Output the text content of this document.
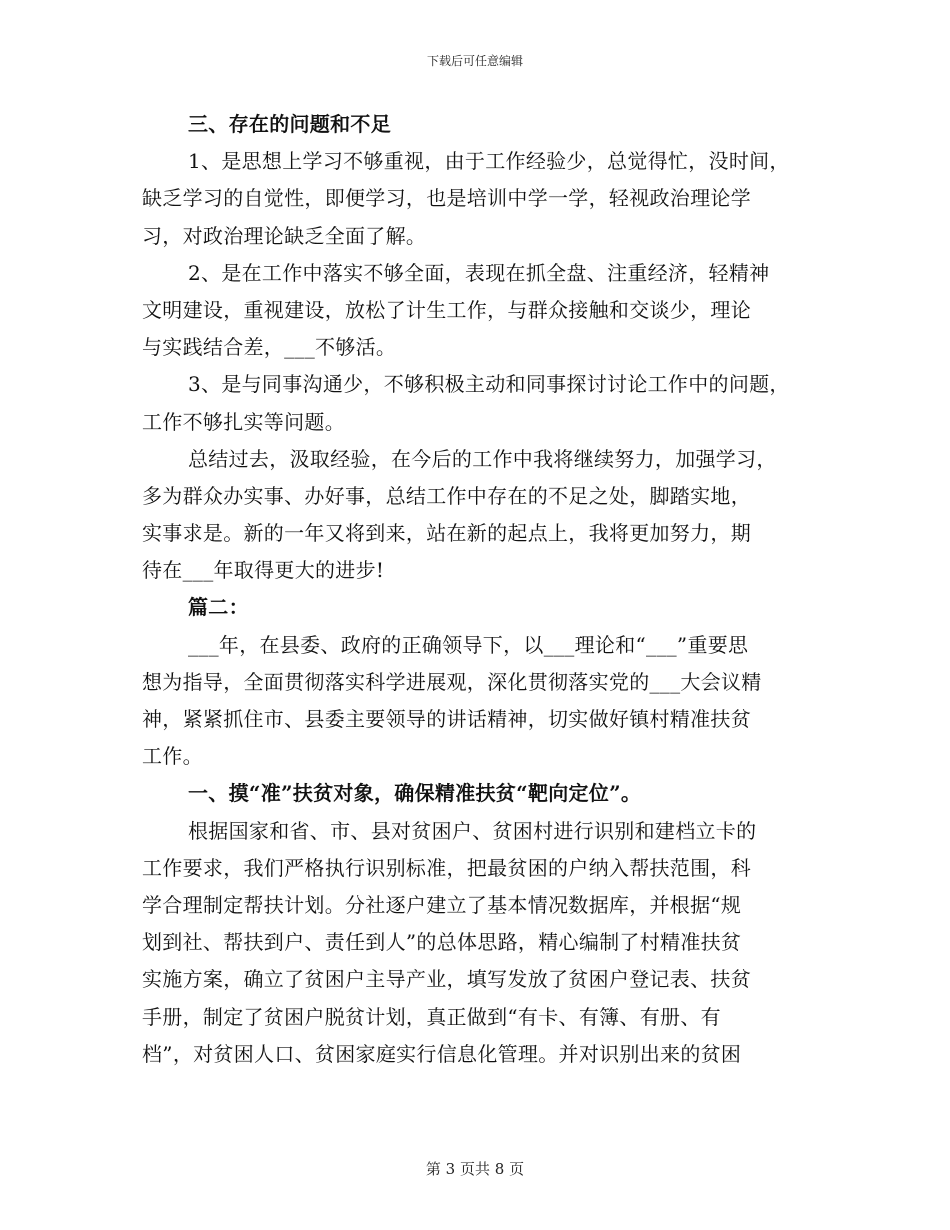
下载后可任意编辑
三、存在的问题和不足
1、是思想上学习不够重视，由于工作经验少，总觉得忙，没时间，
缺乏学习的自觉性，即便学习，也是培训中学一学，轻视政治理论学
习，对政治理论缺乏全面了解。
2、是在工作中落实不够全面，表现在抓全盘、注重经济，轻精神
文明建设，重视建设，放松了计生工作，与群众接触和交谈少，理论
与实践结合差，___不够活。
3、是与同事沟通少，不够积极主动和同事探讨讨论工作中的问题，
工作不够扎实等问题。
总结过去，汲取经验，在今后的工作中我将继续努力，加强学习，
多为群众办实事、办好事，总结工作中存在的不足之处，脚踏实地，
实事求是。新的一年又将到来，站在新的起点上，我将更加努力，期
待在___年取得更大的进步!
篇二：
___年，在县委、政府的正确领导下，以___理论和“___”重要思
想为指导，全面贯彻落实科学进展观，深化贯彻落实党的___大会议精
神，紧紧抓住市、县委主要领导的讲话精神，切实做好镇村精准扶贫
工作。
一、摸“准”扶贫对象，确保精准扶贫“靶向定位”。
根据国家和省、市、县对贫困户、贫困村进行识别和建档立卡的
工作要求，我们严格执行识别标准，把最贫困的户纳入帮扶范围，科
学合理制定帮扶计划。分社逐户建立了基本情况数据库，并根据“规
划到社、帮扶到户、责任到人”的总体思路，精心编制了村精准扶贫
实施方案，确立了贫困户主导产业，填写发放了贫困户登记表、扶贫
手册，制定了贫困户脱贫计划，真正做到“有卡、有簿、有册、有
档”，对贫困人口、贫困家庭实行信息化管理。并对识别出来的贫困
第 3 页共 8 页
